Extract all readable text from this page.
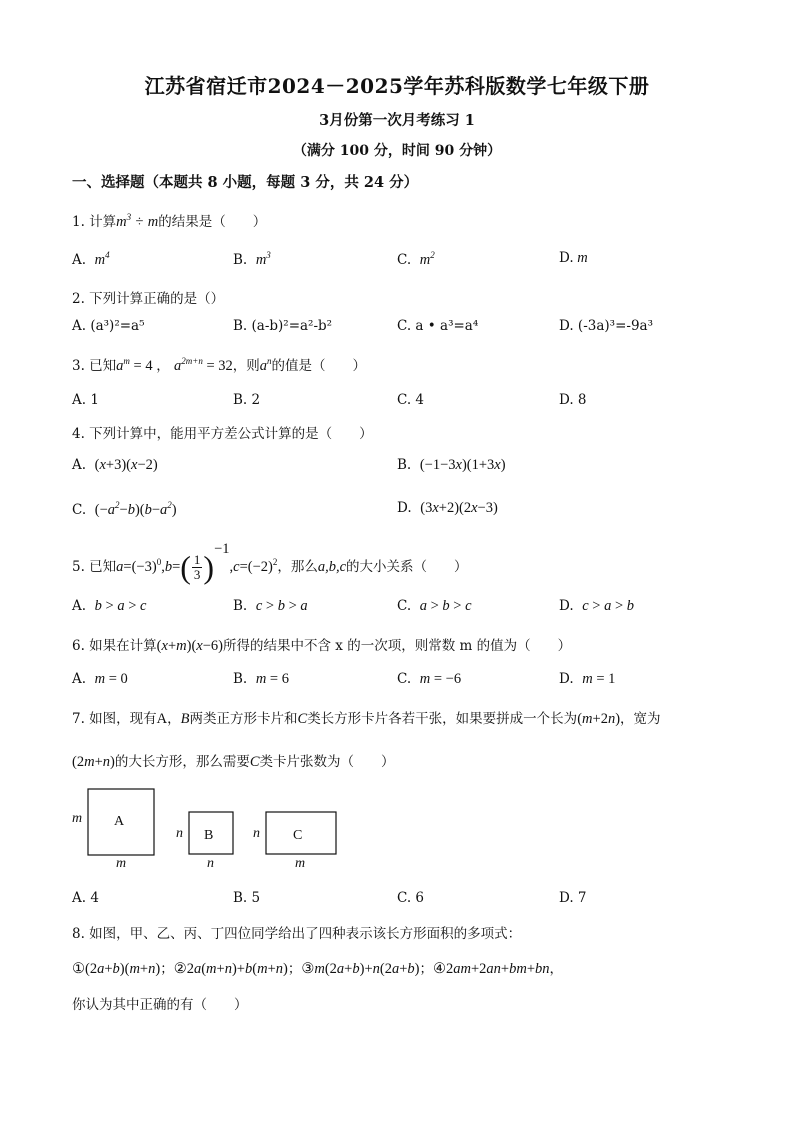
江苏省宿迁市2024－2025学年苏科版数学七年级下册
3月份第一次月考练习 1
（满分 100 分，时间 90 分钟）
一、选择题（本题共 8 小题，每题 3 分，共 24 分）
1. 计算$m^3 \div m$的结果是（　　）
A. $m^4$	B. $m^3$	C. $m^2$	D. m
2. 下列计算正确的是（）
A. (a³)²=a⁵	B. (a-b)²=a²-b²	C. a • a³=a⁴	D. (-3a)³=-9a³
3. 已知$a^m = 4$ ， $a^{2m+n} = 32$，则$a^n$的值是（　　）
A. 1	B. 2	C. 4	D. 8
4. 下列计算中，能用平方差公式计算的是（　　）
A. (x+3)(x−2)	B. (−1−3x)(1+3x)
C. $(-a^2-b)(b-a^2)$	D. (3x+2)(2x−3)
5. 已知$a=(-3)^0,b=( \frac{1}{3} )^{-1},c=(-2)^2$，那么a,b,c的大小关系（　　）
A. b > a > c	B. c > b > a	C. a > b > c	D. c > a > b
6. 如果在计算(x+m)(x−6)所得的结果中不含 x 的一次项，则常数 m 的值为（　　）
A. m = 0	B. m = 6	C. m = −6	D. m = 1
7. 如图，现有A，B两类正方形卡片和C类长方形卡片各若干张，如果要拼成一个长为(m+2n)，宽为
(2m+n)的大长方形，那么需要C类卡片张数为（　　）
A
B	C
m
m
n
n
n
m
A. 4	B. 5	C. 6	D. 7
8. 如图，甲、乙、丙、丁四位同学给出了四种表示该长方形面积的多项式：
①(2a+b)(m+n)；②2a(m+n)+b(m+n)；③m(2a+b)+n(2a+b)；④2am+2an+bm+bn，
你认为其中正确的有（　　）
